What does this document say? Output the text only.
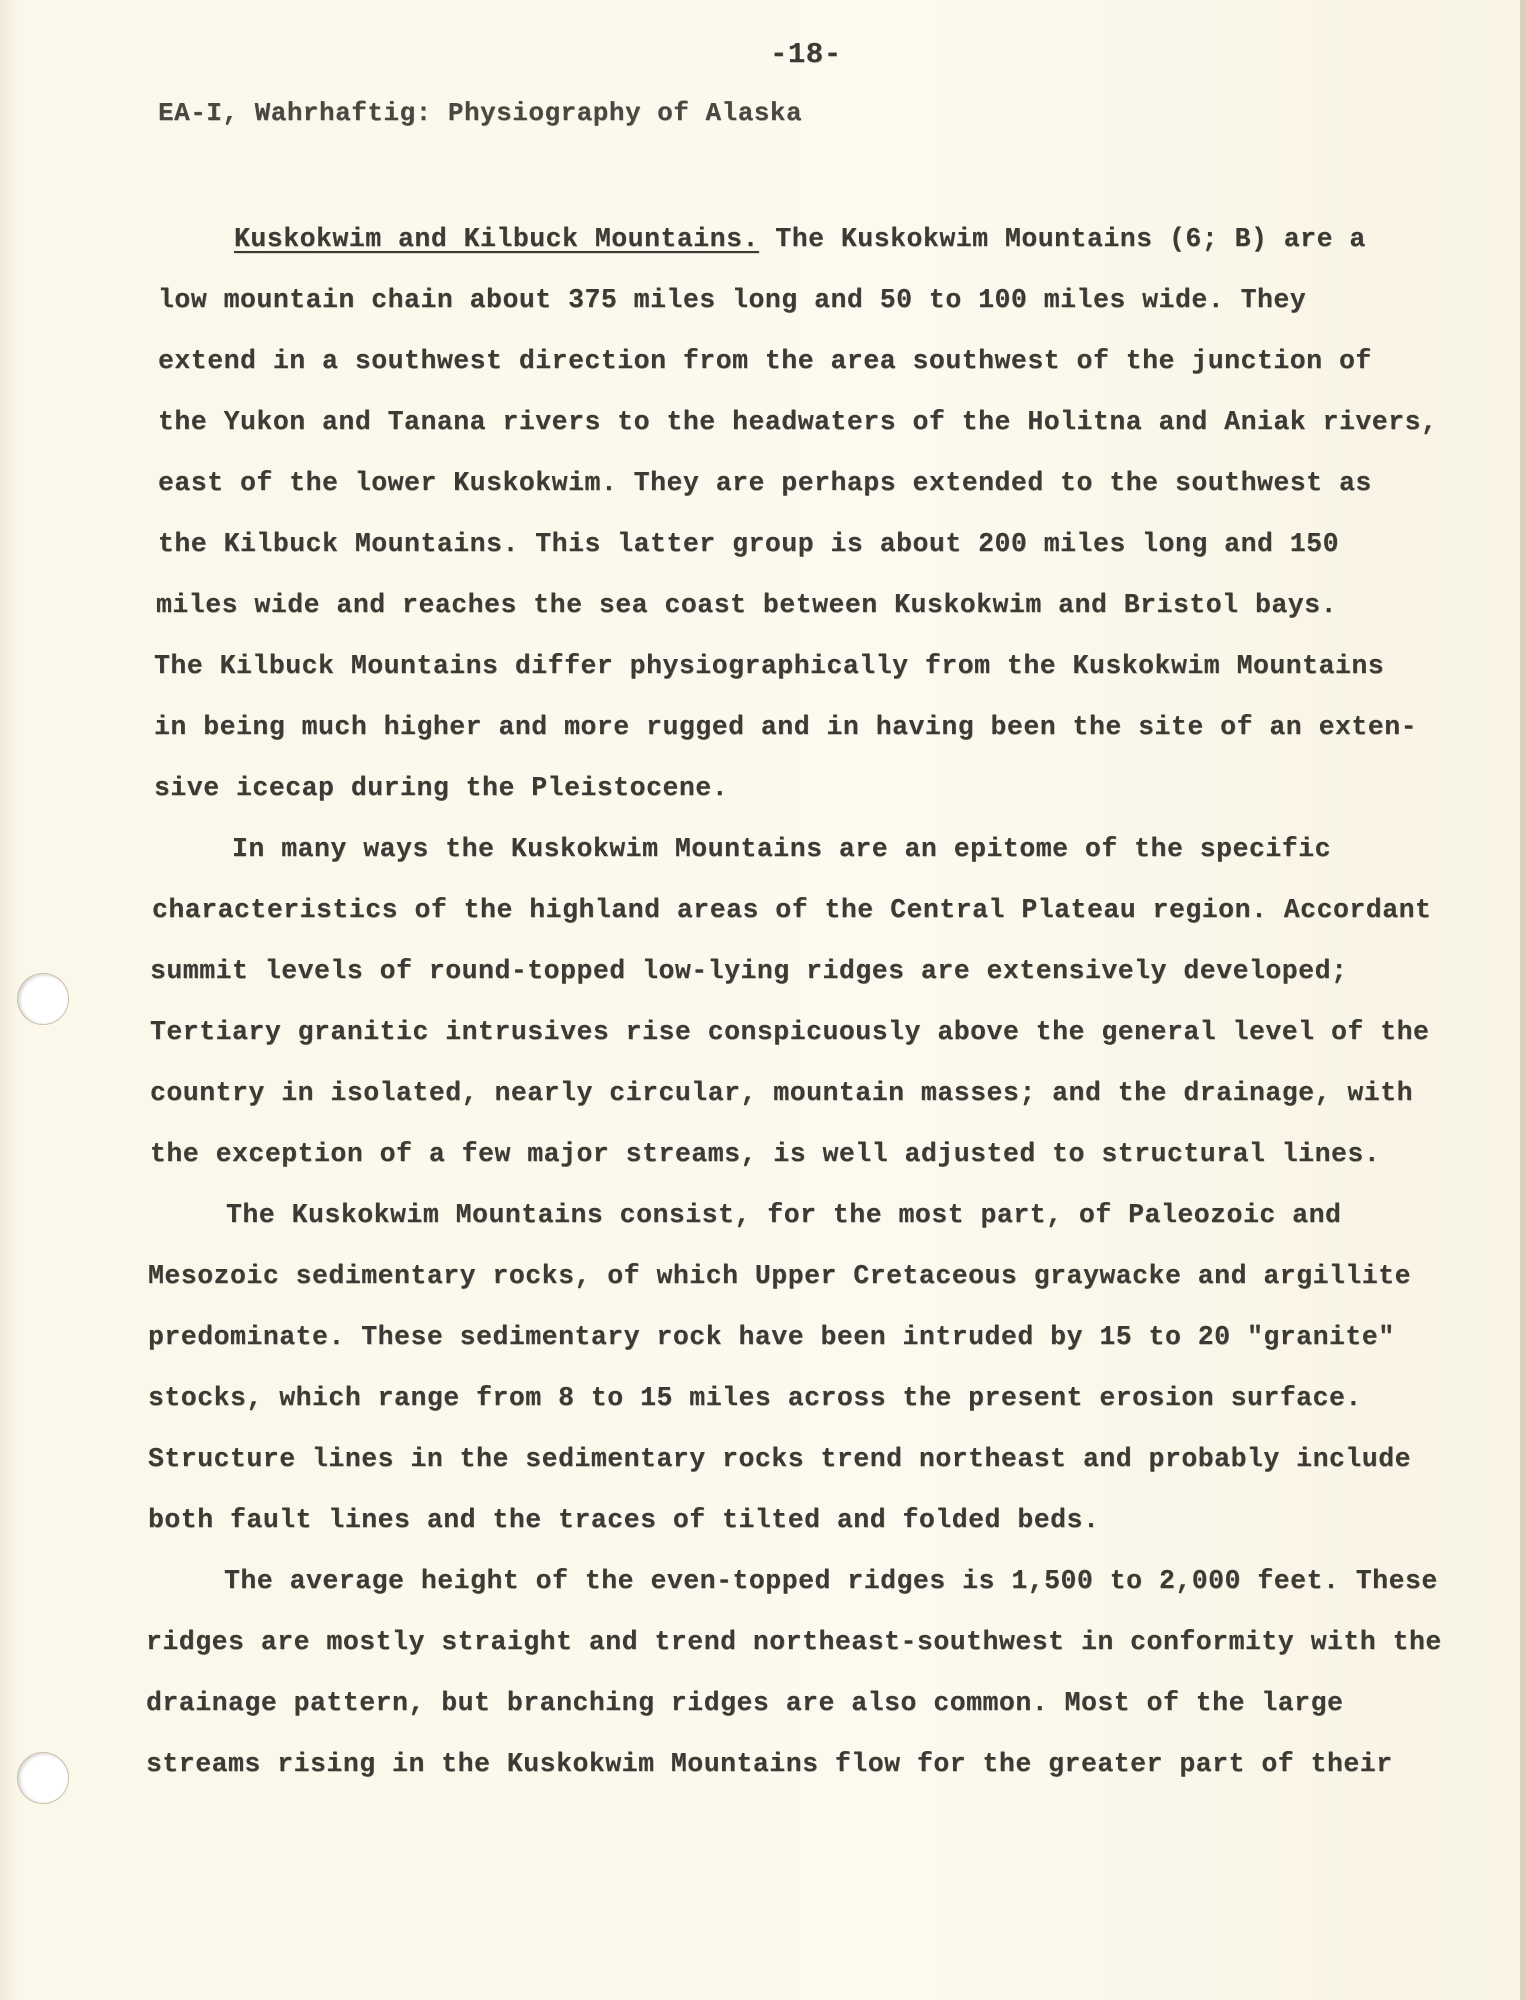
-18-
EA-I, Wahrhaftig: Physiography of Alaska
Kuskokwim and Kilbuck Mountains. The Kuskokwim Mountains (6; B) are a
low mountain chain about 375 miles long and 50 to 100 miles wide. They
extend in a southwest direction from the area southwest of the junction of
the Yukon and Tanana rivers to the headwaters of the Holitna and Aniak rivers,
east of the lower Kuskokwim. They are perhaps extended to the southwest as
the Kilbuck Mountains. This latter group is about 200 miles long and 150
miles wide and reaches the sea coast between Kuskokwim and Bristol bays.
The Kilbuck Mountains differ physiographically from the Kuskokwim Mountains
in being much higher and more rugged and in having been the site of an exten-
sive icecap during the Pleistocene.
In many ways the Kuskokwim Mountains are an epitome of the specific
characteristics of the highland areas of the Central Plateau region. Accordant
summit levels of round-topped low-lying ridges are extensively developed;
Tertiary granitic intrusives rise conspicuously above the general level of the
country in isolated, nearly circular, mountain masses; and the drainage, with
the exception of a few major streams, is well adjusted to structural lines.
The Kuskokwim Mountains consist, for the most part, of Paleozoic and
Mesozoic sedimentary rocks, of which Upper Cretaceous graywacke and argillite
predominate. These sedimentary rock have been intruded by 15 to 20 "granite"
stocks, which range from 8 to 15 miles across the present erosion surface.
Structure lines in the sedimentary rocks trend northeast and probably include
both fault lines and the traces of tilted and folded beds.
The average height of the even-topped ridges is 1,500 to 2,000 feet. These
ridges are mostly straight and trend northeast-southwest in conformity with the
drainage pattern, but branching ridges are also common. Most of the large
streams rising in the Kuskokwim Mountains flow for the greater part of their
